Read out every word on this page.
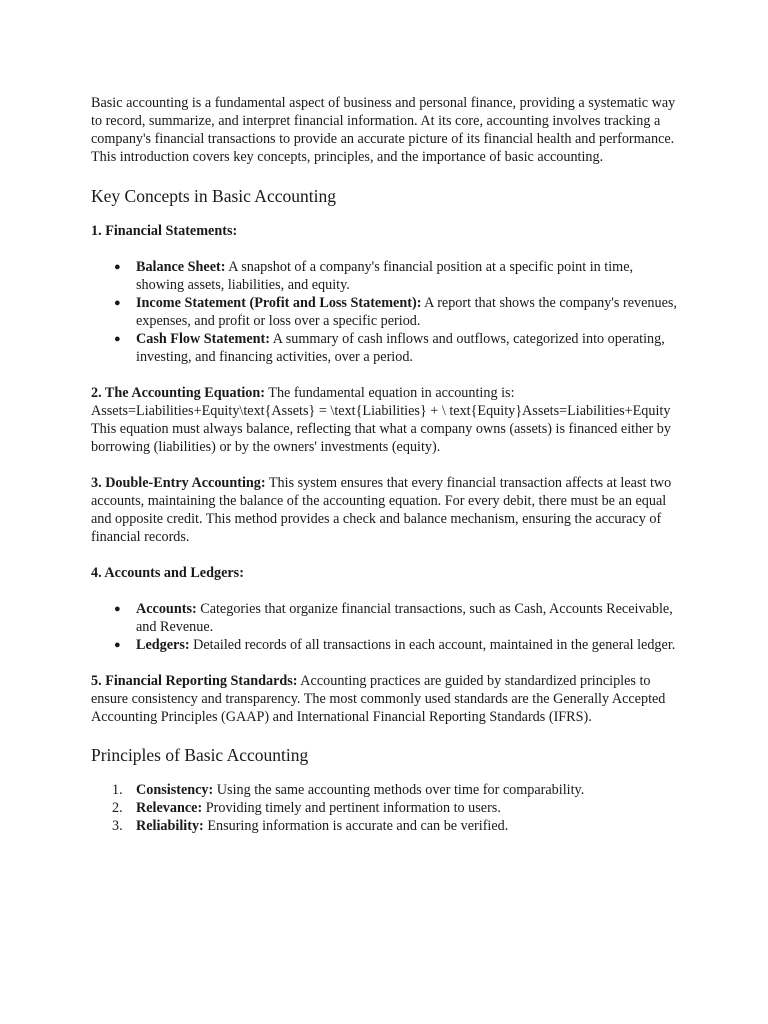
Basic accounting is a fundamental aspect of business and personal finance, providing a systematic way to record, summarize, and interpret financial information. At its core, accounting involves tracking a company's financial transactions to provide an accurate picture of its financial health and performance. This introduction covers key concepts, principles, and the importance of basic accounting.

Key Concepts in Basic Accounting

1. Financial Statements:

● Balance Sheet: A snapshot of a company's financial position at a specific point in time, showing assets, liabilities, and equity.
● Income Statement (Profit and Loss Statement): A report that shows the company's revenues, expenses, and profit or loss over a specific period.
● Cash Flow Statement: A summary of cash inflows and outflows, categorized into operating, investing, and financing activities, over a period.

2. The Accounting Equation: The fundamental equation in accounting is: Assets=Liabilities+Equity\text{Assets} = \text{Liabilities} + \ text{Equity}Assets=Liabilities+Equity This equation must always balance, reflecting that what a company owns (assets) is financed either by borrowing (liabilities) or by the owners' investments (equity).

3. Double-Entry Accounting: This system ensures that every financial transaction affects at least two accounts, maintaining the balance of the accounting equation. For every debit, there must be an equal and opposite credit. This method provides a check and balance mechanism, ensuring the accuracy of financial records.

4. Accounts and Ledgers:

● Accounts: Categories that organize financial transactions, such as Cash, Accounts Receivable, and Revenue.
● Ledgers: Detailed records of all transactions in each account, maintained in the general ledger.

5. Financial Reporting Standards: Accounting practices are guided by standardized principles to ensure consistency and transparency. The most commonly used standards are the Generally Accepted Accounting Principles (GAAP) and International Financial Reporting Standards (IFRS).

Principles of Basic Accounting
1. Consistency: Using the same accounting methods over time for comparability.
2. Relevance: Providing timely and pertinent information to users.
3. Reliability: Ensuring information is accurate and can be verified.
